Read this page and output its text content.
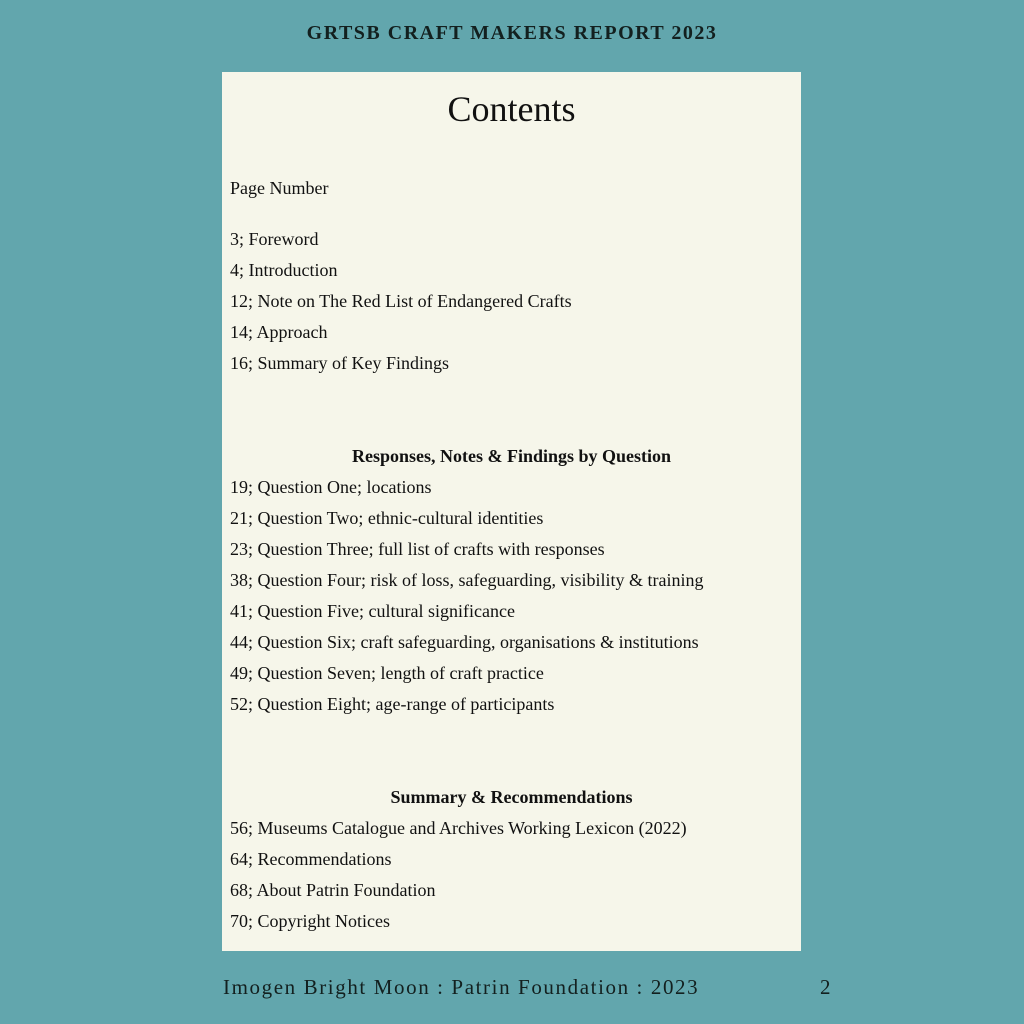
GRTSB CRAFT MAKERS REPORT 2023
Contents
Page Number
3; Foreword
4; Introduction
12; Note on The Red List of Endangered Crafts
14; Approach
16; Summary of Key Findings
Responses, Notes & Findings by Question
19; Question One; locations
21; Question Two; ethnic-cultural identities
23; Question Three; full list of crafts with responses
38; Question Four; risk of loss, safeguarding, visibility & training
41; Question Five; cultural significance
44; Question Six; craft safeguarding, organisations & institutions
49; Question Seven; length of craft practice
52; Question Eight; age-range of participants
Summary & Recommendations
56; Museums Catalogue and Archives Working Lexicon (2022)
64; Recommendations
68; About Patrin Foundation
70; Copyright Notices
Imogen Bright Moon : Patrin Foundation : 2023	2
